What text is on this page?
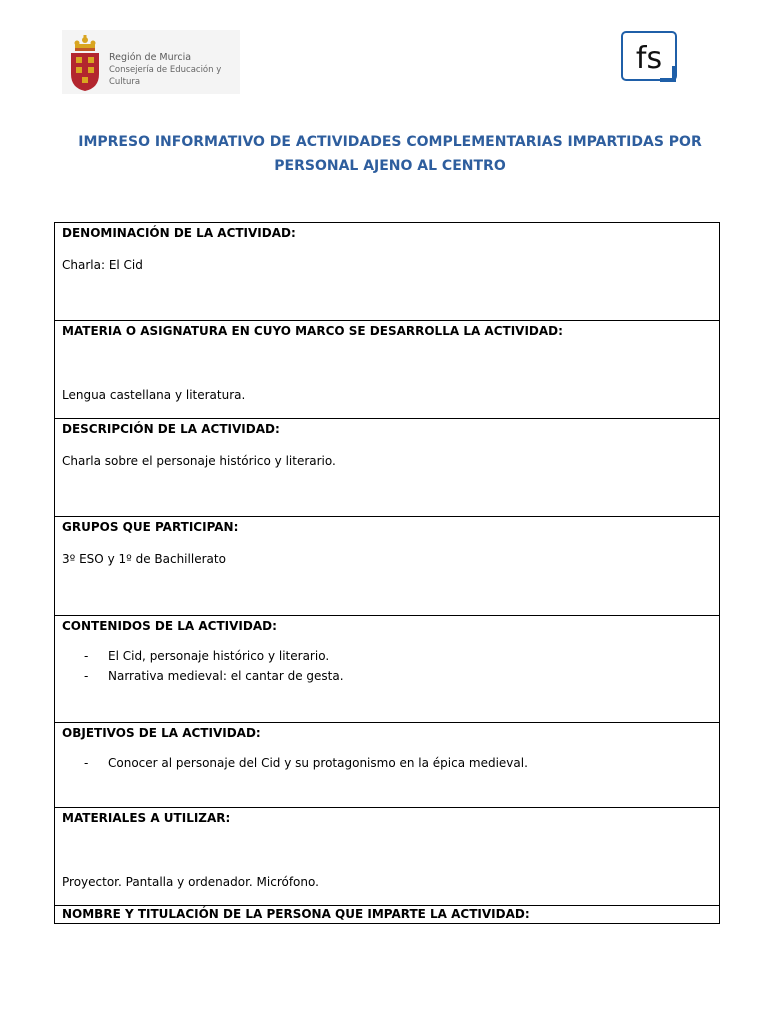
Región de Murcia
Consejería de Educación y Cultura
fs
IMPRESO INFORMATIVO DE ACTIVIDADES COMPLEMENTARIAS IMPARTIDAS POR PERSONAL AJENO AL CENTRO
DENOMINACIÓN DE LA ACTIVIDAD:
Charla: El Cid

MATERIA O ASIGNATURA EN CUYO MARCO SE DESARROLLA LA ACTIVIDAD:
Lengua castellana y literatura.

DESCRIPCIÓN DE LA ACTIVIDAD:
Charla sobre el personaje histórico y literario.

GRUPOS QUE PARTICIPAN:
3º ESO y 1º de Bachillerato

CONTENIDOS DE LA ACTIVIDAD:
- El Cid, personaje histórico y literario.
- Narrativa medieval: el cantar de gesta.

OBJETIVOS DE LA ACTIVIDAD:
- Conocer al personaje del Cid y su protagonismo en la épica medieval.

MATERIALES A UTILIZAR:
Proyector. Pantalla y ordenador. Micrófono.

NOMBRE Y TITULACIÓN DE LA PERSONA QUE IMPARTE LA ACTIVIDAD:
